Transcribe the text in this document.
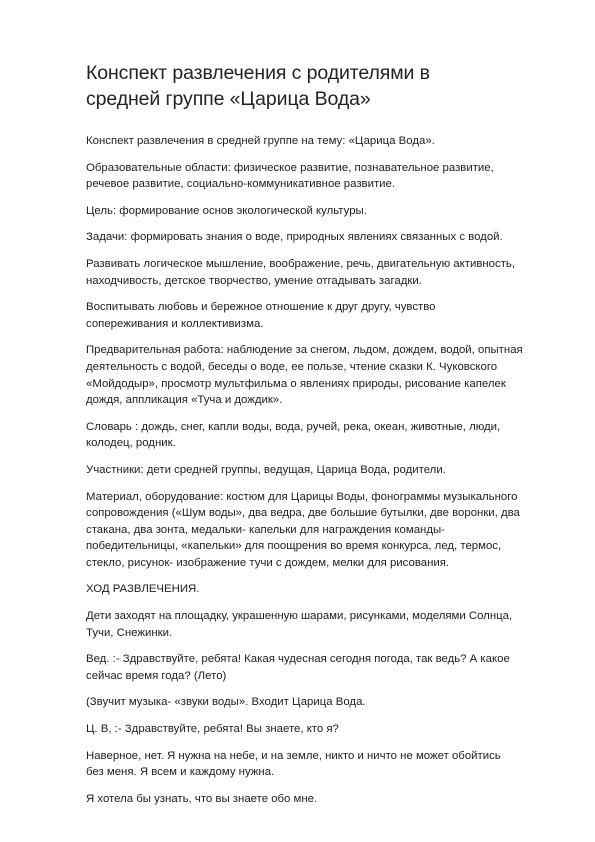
Конспект развлечения с родителями в
средней группе «Царица Вода»

Конспект развлечения в средней группе на тему: «Царица Вода».

Образовательные области: физическое развитие, познавательное развитие,
речевое развитие, социально-коммуникативное развитие.

Цель: формирование основ экологической культуры.

Задачи: формировать знания о воде, природных явлениях связанных с водой.

Развивать логическое мышление, воображение, речь, двигательную активность,
находчивость, детское творчество, умение отгадывать загадки.

Воспитывать любовь и бережное отношение к друг другу, чувство
сопереживания и коллективизма.

Предварительная работа: наблюдение за снегом, льдом, дождем, водой, опытная
деятельность с водой, беседы о воде, ее пользе, чтение сказки К. Чуковского
«Мойдодыр», просмотр мультфильма о явлениях природы, рисование капелек
дождя, аппликация «Туча и дождик».

Словарь : дождь, снег, капли воды, вода, ручей, река, океан, животные, люди,
колодец, родник.

Участники: дети средней группы, ведущая, Царица Вода, родители.

Материал, оборудование: костюм для Царицы Воды, фонограммы музыкального
сопровождения («Шум воды», два ведра, две большие бутылки, две воронки, два
стакана, два зонта, медальки- капельки для награждения команды-
победительницы, «капельки» для поощрения во время конкурса, лед, термос,
стекло, рисунок- изображение тучи с дождем, мелки для рисования.

ХОД РАЗВЛЕЧЕНИЯ.

Дети заходят на площадку, украшенную шарами, рисунками, моделями Солнца,
Тучи, Снежинки.

Вед. :- Здравствуйте, ребята! Какая чудесная сегодня погода, так ведь? А какое
сейчас время года? (Лето)

(Звучит музыка- «звуки воды». Входит Царица Вода.

Ц. В, :- Здравствуйте, ребята! Вы знаете, кто я?

Наверное, нет. Я нужна на небе, и на земле, никто и ничто не может обойтись
без меня. Я всем и каждому нужна.

Я хотела бы узнать, что вы знаете обо мне.
